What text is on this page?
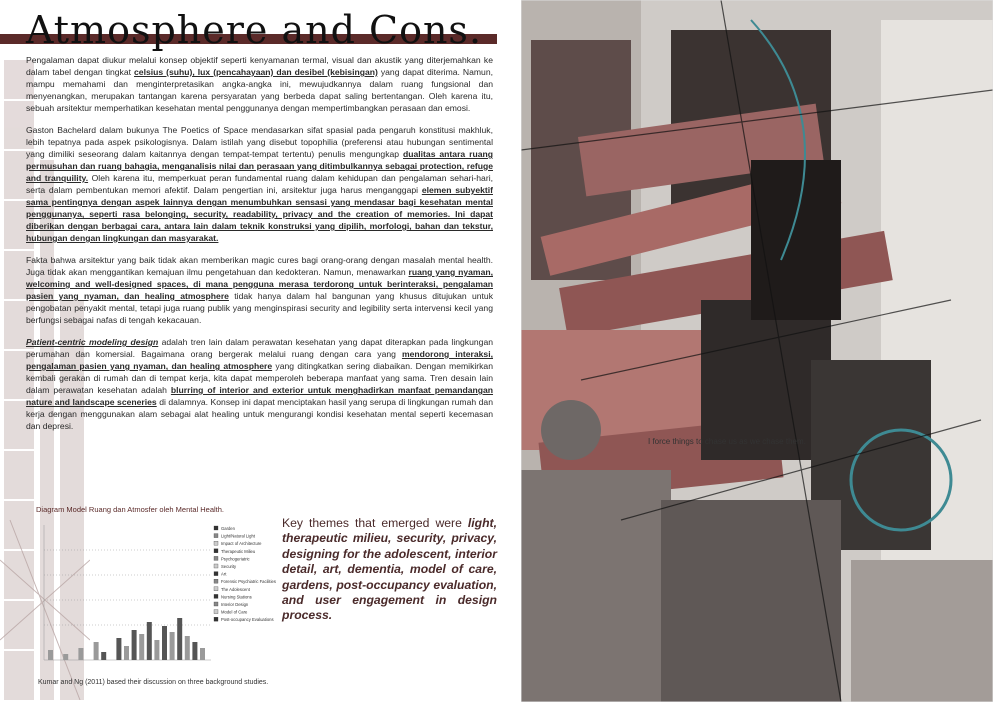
Atmosphere and Cons.

Pengalaman dapat diukur melalui konsep objektif seperti kenyamanan termal, visual dan akustik yang diterjemahkan ke dalam tabel dengan tingkat celsius (suhu), lux (pencahayaan) dan desibel (kebisingan) yang dapat diterima. Namun, mampu memahami dan menginterpretasikan angka-angka ini, mewujudkannya dalam ruang fungsional dan menyenangkan, merupakan tantangan karena persyaratan yang berbeda dapat saling bertentangan. Oleh karena itu, sebuah arsitektur memperhatikan kesehatan mental penggunanya dengan mempertimbangkan perasaan dan emosi.

Gaston Bachelard dalam bukunya The Poetics of Space mendasarkan sifat spasial pada pengaruh konstitusi makhluk, lebih tepatnya pada aspek psikologisnya. Dalam istilah yang disebut topophilia (preferensi atau hubungan sentimental yang dimiliki seseorang dalam kaitannya dengan tempat-tempat tertentu) penulis mengungkap dualitas antara ruang permusuhan dan ruang bahagia, menganalisis nilai dan perasaan yang ditimbulkannya sebagai protection, refuge and tranquility. Oleh karena itu, memperkuat peran fundamental ruang dalam kehidupan dan pengalaman sehari-hari, serta dalam pembentukan memori afektif. Dalam pengertian ini, arsitektur juga harus menganggapi elemen subyektif sama pentingnya dengan aspek lainnya dengan menumbuhkan sensasi yang mendasar bagi kesehatan mental penggunanya, seperti rasa belonging, security, readability, privacy and the creation of memories. Ini dapat diberikan dengan berbagai cara, antara lain dalam teknik konstruksi yang dipilih, morfologi, bahan dan tekstur, hubungan dengan lingkungan dan masyarakat.

Fakta bahwa arsitektur yang baik tidak akan memberikan magic cures bagi orang-orang dengan masalah mental health. Juga tidak akan menggantikan kemajuan ilmu pengetahuan dan kedokteran. Namun, menawarkan ruang yang nyaman, welcoming and well-designed spaces, di mana pengguna merasa terdorong untuk berinteraksi, pengalaman pasien yang nyaman, dan healing atmosphere tidak hanya dalam hal bangunan yang khusus ditujukan untuk pengobatan penyakit mental, tetapi juga ruang publik yang menginspirasi security and legibility serta intervensi kecil yang berfungsi sebagai nafas di tengah kekacauan.

Patient-centric modeling design adalah tren lain dalam perawatan kesehatan yang dapat diterapkan pada lingkungan perumahan dan komersial. Bagaimana orang bergerak melalui ruang dengan cara yang mendorong interaksi, pengalaman pasien yang nyaman, dan healing atmosphere yang ditingkatkan sering diabaikan. Dengan memikirkan kembali gerakan di rumah dan di tempat kerja, kita dapat memperoleh beberapa manfaat yang sama. Tren desain lain dalam perawatan kesehatan adalah blurring of interior and exterior untuk menghadirkan manfaat pemandangan nature and landscape sceneries di dalamnya. Konsep ini dapat menciptakan hasil yang serupa di lingkungan rumah dan kerja dengan menggunakan alam sebagai alat healing untuk mengurangi kondisi kesehatan mental seperti kecemasan dan depresi.

Diagram Model Ruang dan Atmosfer oleh Mental Health.
Garden
Light/Natural Light
Impact of Architecture
Therapeutic Milieu
Psychogeriatric
Security
Art
Forensic Psychiatric Facilities
The Adolescent
Nursing Stations
Interior Design
Model of Care
Post-occupancy Evaluations
Kumar and Ng (2011) based their discussion on three background studies.
Key themes that emerged were light, therapeutic milieu, security, privacy, designing for the adolescent, interior detail, art, dementia, model of care, gardens, post-occupancy evaluation, and user engagement in design process.
I force things to chase us as we chase them.
